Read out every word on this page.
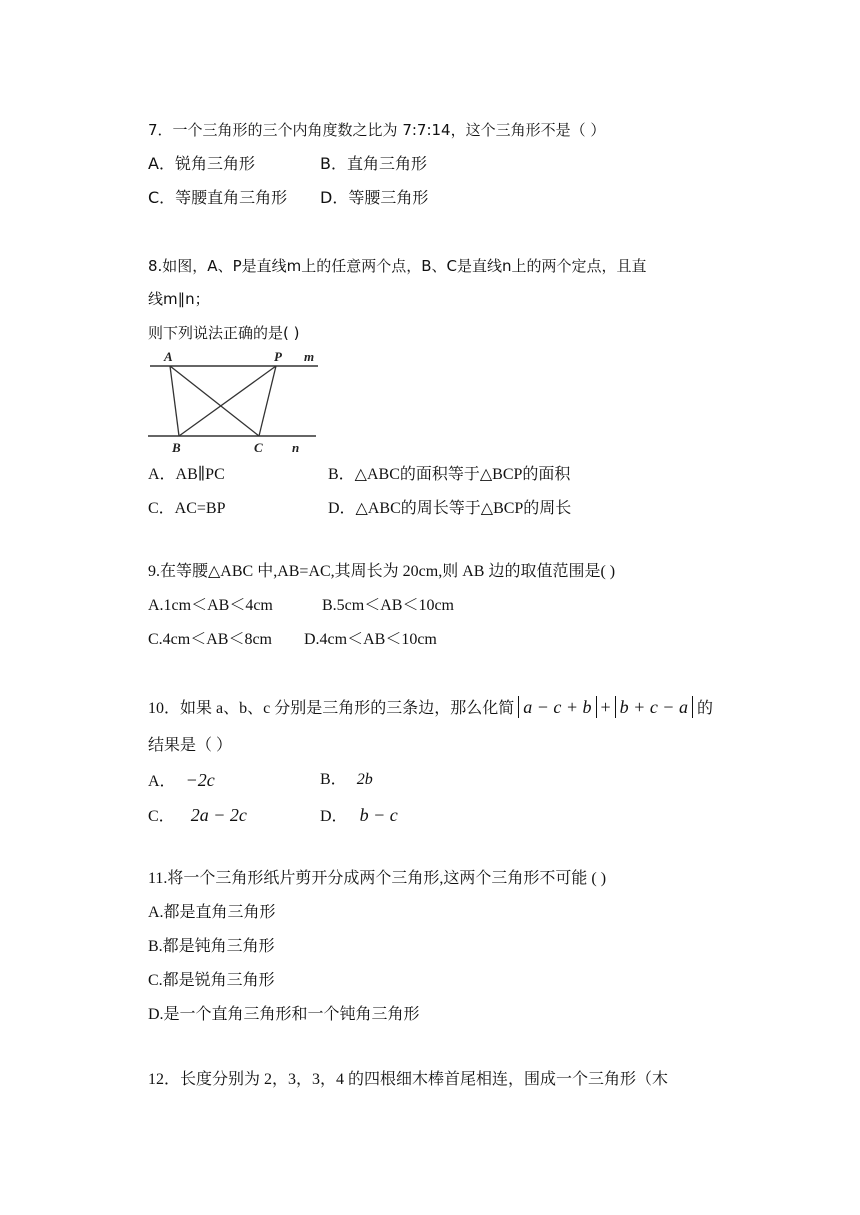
7．一个三角形的三个内角度数之比为 7:7:14，这个三角形不是（ ）
A．锐角三角形	B．直角三角形
C．等腰直角三角形 D．等腰三角形
8.如图，A、P是直线m上的任意两个点，B、C是直线n上的两个定点，且直
线m∥n；
则下列说法正确的是( )
A	P m
B	C n
A．AB∥PC	B．△ABC的面积等于△BCP的面积
C．AC=BP	D．△ABC的周长等于△BCP的周长
9.在等腰△ABC 中,AB=AC,其周长为 20cm,则 AB 边的取值范围是( )
A.1cm＜AB＜4cm	B.5cm＜AB＜10cm
C.4cm＜AB＜8cm D.4cm＜AB＜10cm
10．如果 a、b、c 分别是三角形的三条边，那么化简 a − c + b + b + c − a 的
结果是（ ）
A． −2c	B． 2b
C． 2a − 2c	D． b − c
11.将一个三角形纸片剪开分成两个三角形,这两个三角形不可能 ( )
A.都是直角三角形
B.都是钝角三角形
C.都是锐角三角形
D.是一个直角三角形和一个钝角三角形
12．长度分别为 2，3，3，4 的四根细木棒首尾相连，围成一个三角形（木
